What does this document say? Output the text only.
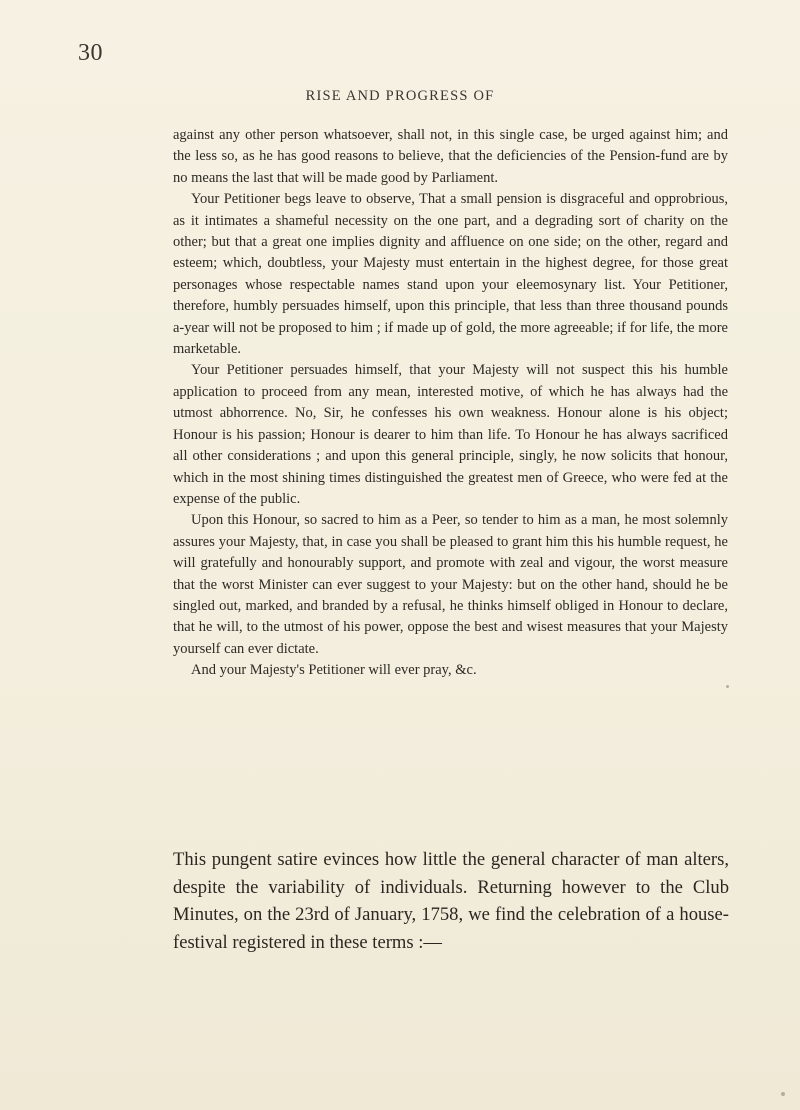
30
RISE AND PROGRESS OF

against any other person whatsoever, shall not, in this single case, be urged against him; and the less so, as he has good reasons to believe, that the deficiencies of the Pension-fund are by no means the last that will be made good by Parliament.

Your Petitioner begs leave to observe, That a small pension is disgraceful and opprobrious, as it intimates a shameful necessity on the one part, and a degrading sort of charity on the other; but that a great one implies dignity and affluence on one side; on the other, regard and esteem; which, doubtless, your Majesty must entertain in the highest degree, for those great personages whose respectable names stand upon your eleemosynary list. Your Petitioner, therefore, humbly persuades himself, upon this principle, that less than three thousand pounds a-year will not be proposed to him ; if made up of gold, the more agreeable; if for life, the more marketable.

Your Petitioner persuades himself, that your Majesty will not suspect this his humble application to proceed from any mean, interested motive, of which he has always had the utmost abhorrence. No, Sir, he confesses his own weakness. Honour alone is his object; Honour is his passion; Honour is dearer to him than life. To Honour he has always sacrificed all other considerations ; and upon this general principle, singly, he now solicits that honour, which in the most shining times distinguished the greatest men of Greece, who were fed at the expense of the public.

Upon this Honour, so sacred to him as a Peer, so tender to him as a man, he most solemnly assures your Majesty, that, in case you shall be pleased to grant him this his humble request, he will gratefully and honourably support, and promote with zeal and vigour, the worst measure that the worst Minister can ever suggest to your Majesty: but on the other hand, should he be singled out, marked, and branded by a refusal, he thinks himself obliged in Honour to declare, that he will, to the utmost of his power, oppose the best and wisest measures that your Majesty yourself can ever dictate.

And your Majesty's Petitioner will ever pray, &c.

This pungent satire evinces how little the general character of man alters, despite the variability of individuals. Returning however to the Club Minutes, on the 23rd of January, 1758, we find the celebration of a house-festival registered in these terms :—
